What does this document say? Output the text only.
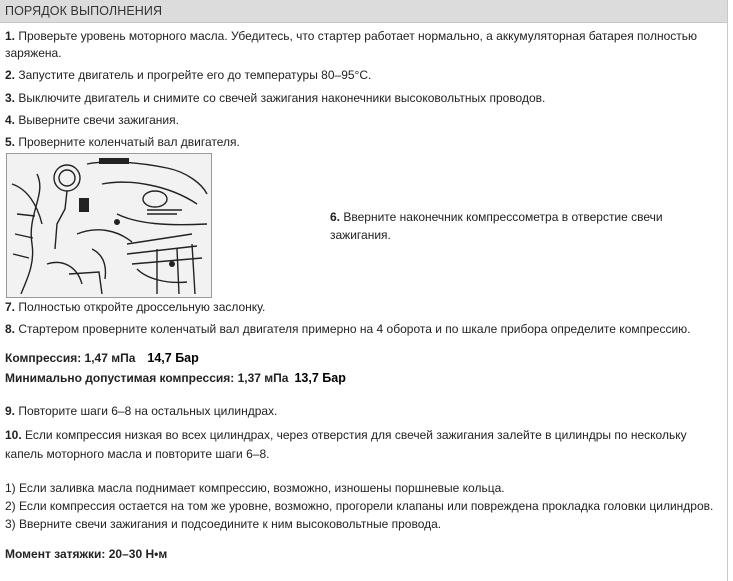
ПОРЯДОК ВЫПОЛНЕНИЯ
1. Проверьте уровень моторного масла. Убедитесь, что стартер работает нормально, а аккумуляторная батарея полностью заряжена.
2. Запустите двигатель и прогрейте его до температуры 80–95°С.
3. Выключите двигатель и снимите со свечей зажигания наконечники высоковольтных проводов.
4. Выверните свечи зажигания.
5. Проверните коленчатый вал двигателя.
6. Вверните наконечник компрессометра в отверстие свечи зажигания.
7. Полностью откройте дроссельную заслонку.
8. Стартером проверните коленчатый вал двигателя примерно на 4 оборота и по шкале прибора определите компрессию.
Компрессия: 1,47 мПа 14,7 Бар
Минимально допустимая компрессия: 1,37 мПа 13,7 Бар
9. Повторите шаги 6–8 на остальных цилиндрах.
10. Если компрессия низкая во всех цилиндрах, через отверстия для свечей зажигания залейте в цилиндры по нескольку капель моторного масла и повторите шаги 6–8.
1) Если заливка масла поднимает компрессию, возможно, изношены поршневые кольца.
2) Если компрессия остается на том же уровне, возможно, прогорели клапаны или повреждена прокладка головки цилиндров.
3) Вверните свечи зажигания и подсоедините к ним высоковольтные провода.
Момент затяжки: 20–30 Н•м
